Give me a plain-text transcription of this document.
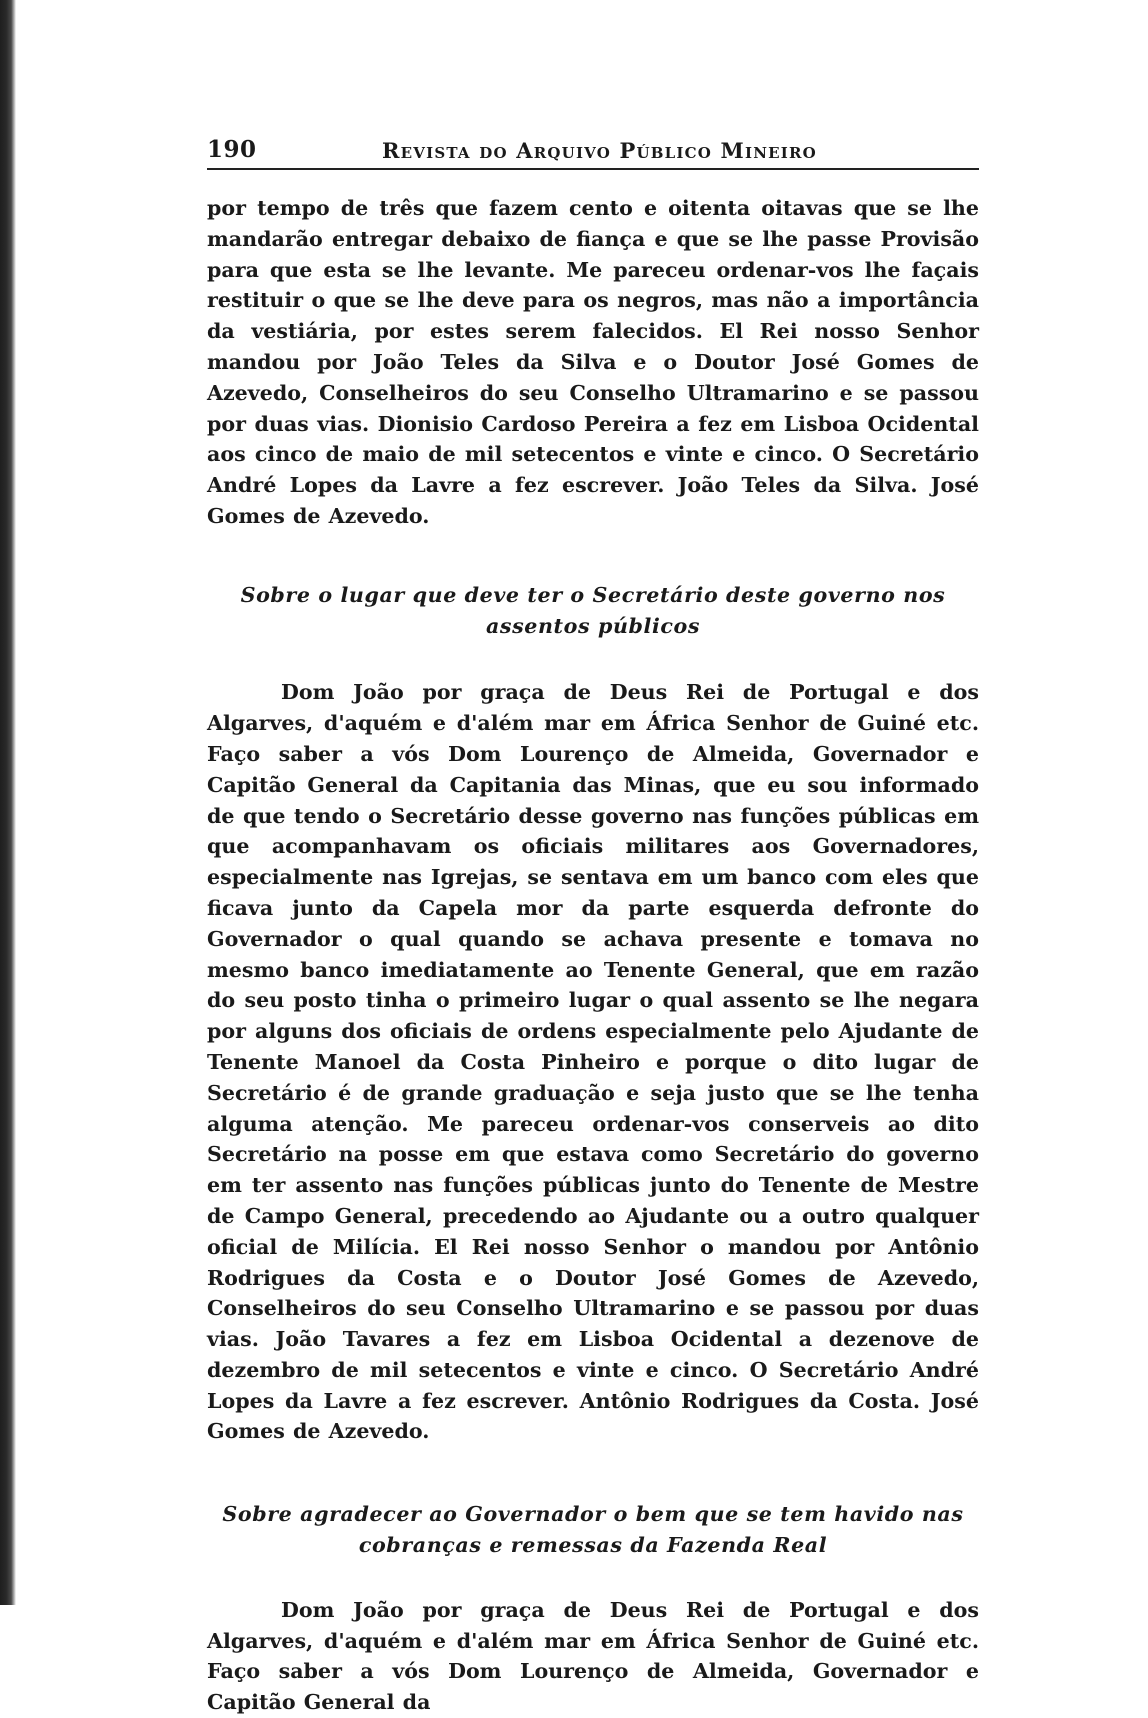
190	Revista do Arquivo Público Mineiro

por tempo de três que fazem cento e oitenta oitavas que se lhe mandarão entregar debaixo de fiança e que se lhe passe Provisão para que esta se lhe levante. Me pareceu ordenar-vos lhe façais restituir o que se lhe deve para os negros, mas não a importância da vestiária, por estes serem falecidos. El Rei nosso Senhor mandou por João Teles da Silva e o Doutor José Gomes de Azevedo, Conselheiros do seu Conselho Ultramarino e se passou por duas vias. Dionisio Cardoso Pereira a fez em Lisboa Ocidental aos cinco de maio de mil setecentos e vinte e cinco. O Secretário André Lopes da Lavre a fez escrever. João Teles da Silva. José Gomes de Azevedo.

Sobre o lugar que deve ter o Secretário deste governo nos assentos públicos

Dom João por graça de Deus Rei de Portugal e dos Algarves, d'aquém e d'além mar em África Senhor de Guiné etc. Faço saber a vós Dom Lourenço de Almeida, Governador e Capitão General da Capitania das Minas, que eu sou informado de que tendo o Secretário desse governo nas funções públicas em que acompanhavam os oficiais militares aos Governadores, especialmente nas Igrejas, se sentava em um banco com eles que ficava junto da Capela mor da parte esquerda defronte do Governador o qual quando se achava presente e tomava no mesmo banco imediatamente ao Tenente General, que em razão do seu posto tinha o primeiro lugar o qual assento se lhe negara por alguns dos oficiais de ordens especialmente pelo Ajudante de Tenente Manoel da Costa Pinheiro e porque o dito lugar de Secretário é de grande graduação e seja justo que se lhe tenha alguma atenção. Me pareceu ordenar-vos conserveis ao dito Secretário na posse em que estava como Secretário do governo em ter assento nas funções públicas junto do Tenente de Mestre de Campo General, precedendo ao Ajudante ou a outro qualquer oficial de Milícia. El Rei nosso Senhor o mandou por Antônio Rodrigues da Costa e o Doutor José Gomes de Azevedo, Conselheiros do seu Conselho Ultramarino e se passou por duas vias. João Tavares a fez em Lisboa Ocidental a dezenove de dezembro de mil setecentos e vinte e cinco. O Secretário André Lopes da Lavre a fez escrever. Antônio Rodrigues da Costa. José Gomes de Azevedo.

Sobre agradecer ao Governador o bem que se tem havido nas cobranças e remessas da Fazenda Real

Dom João por graça de Deus Rei de Portugal e dos Algarves, d'aquém e d'além mar em África Senhor de Guiné etc. Faço saber a vós Dom Lourenço de Almeida, Governador e Capitão General da
